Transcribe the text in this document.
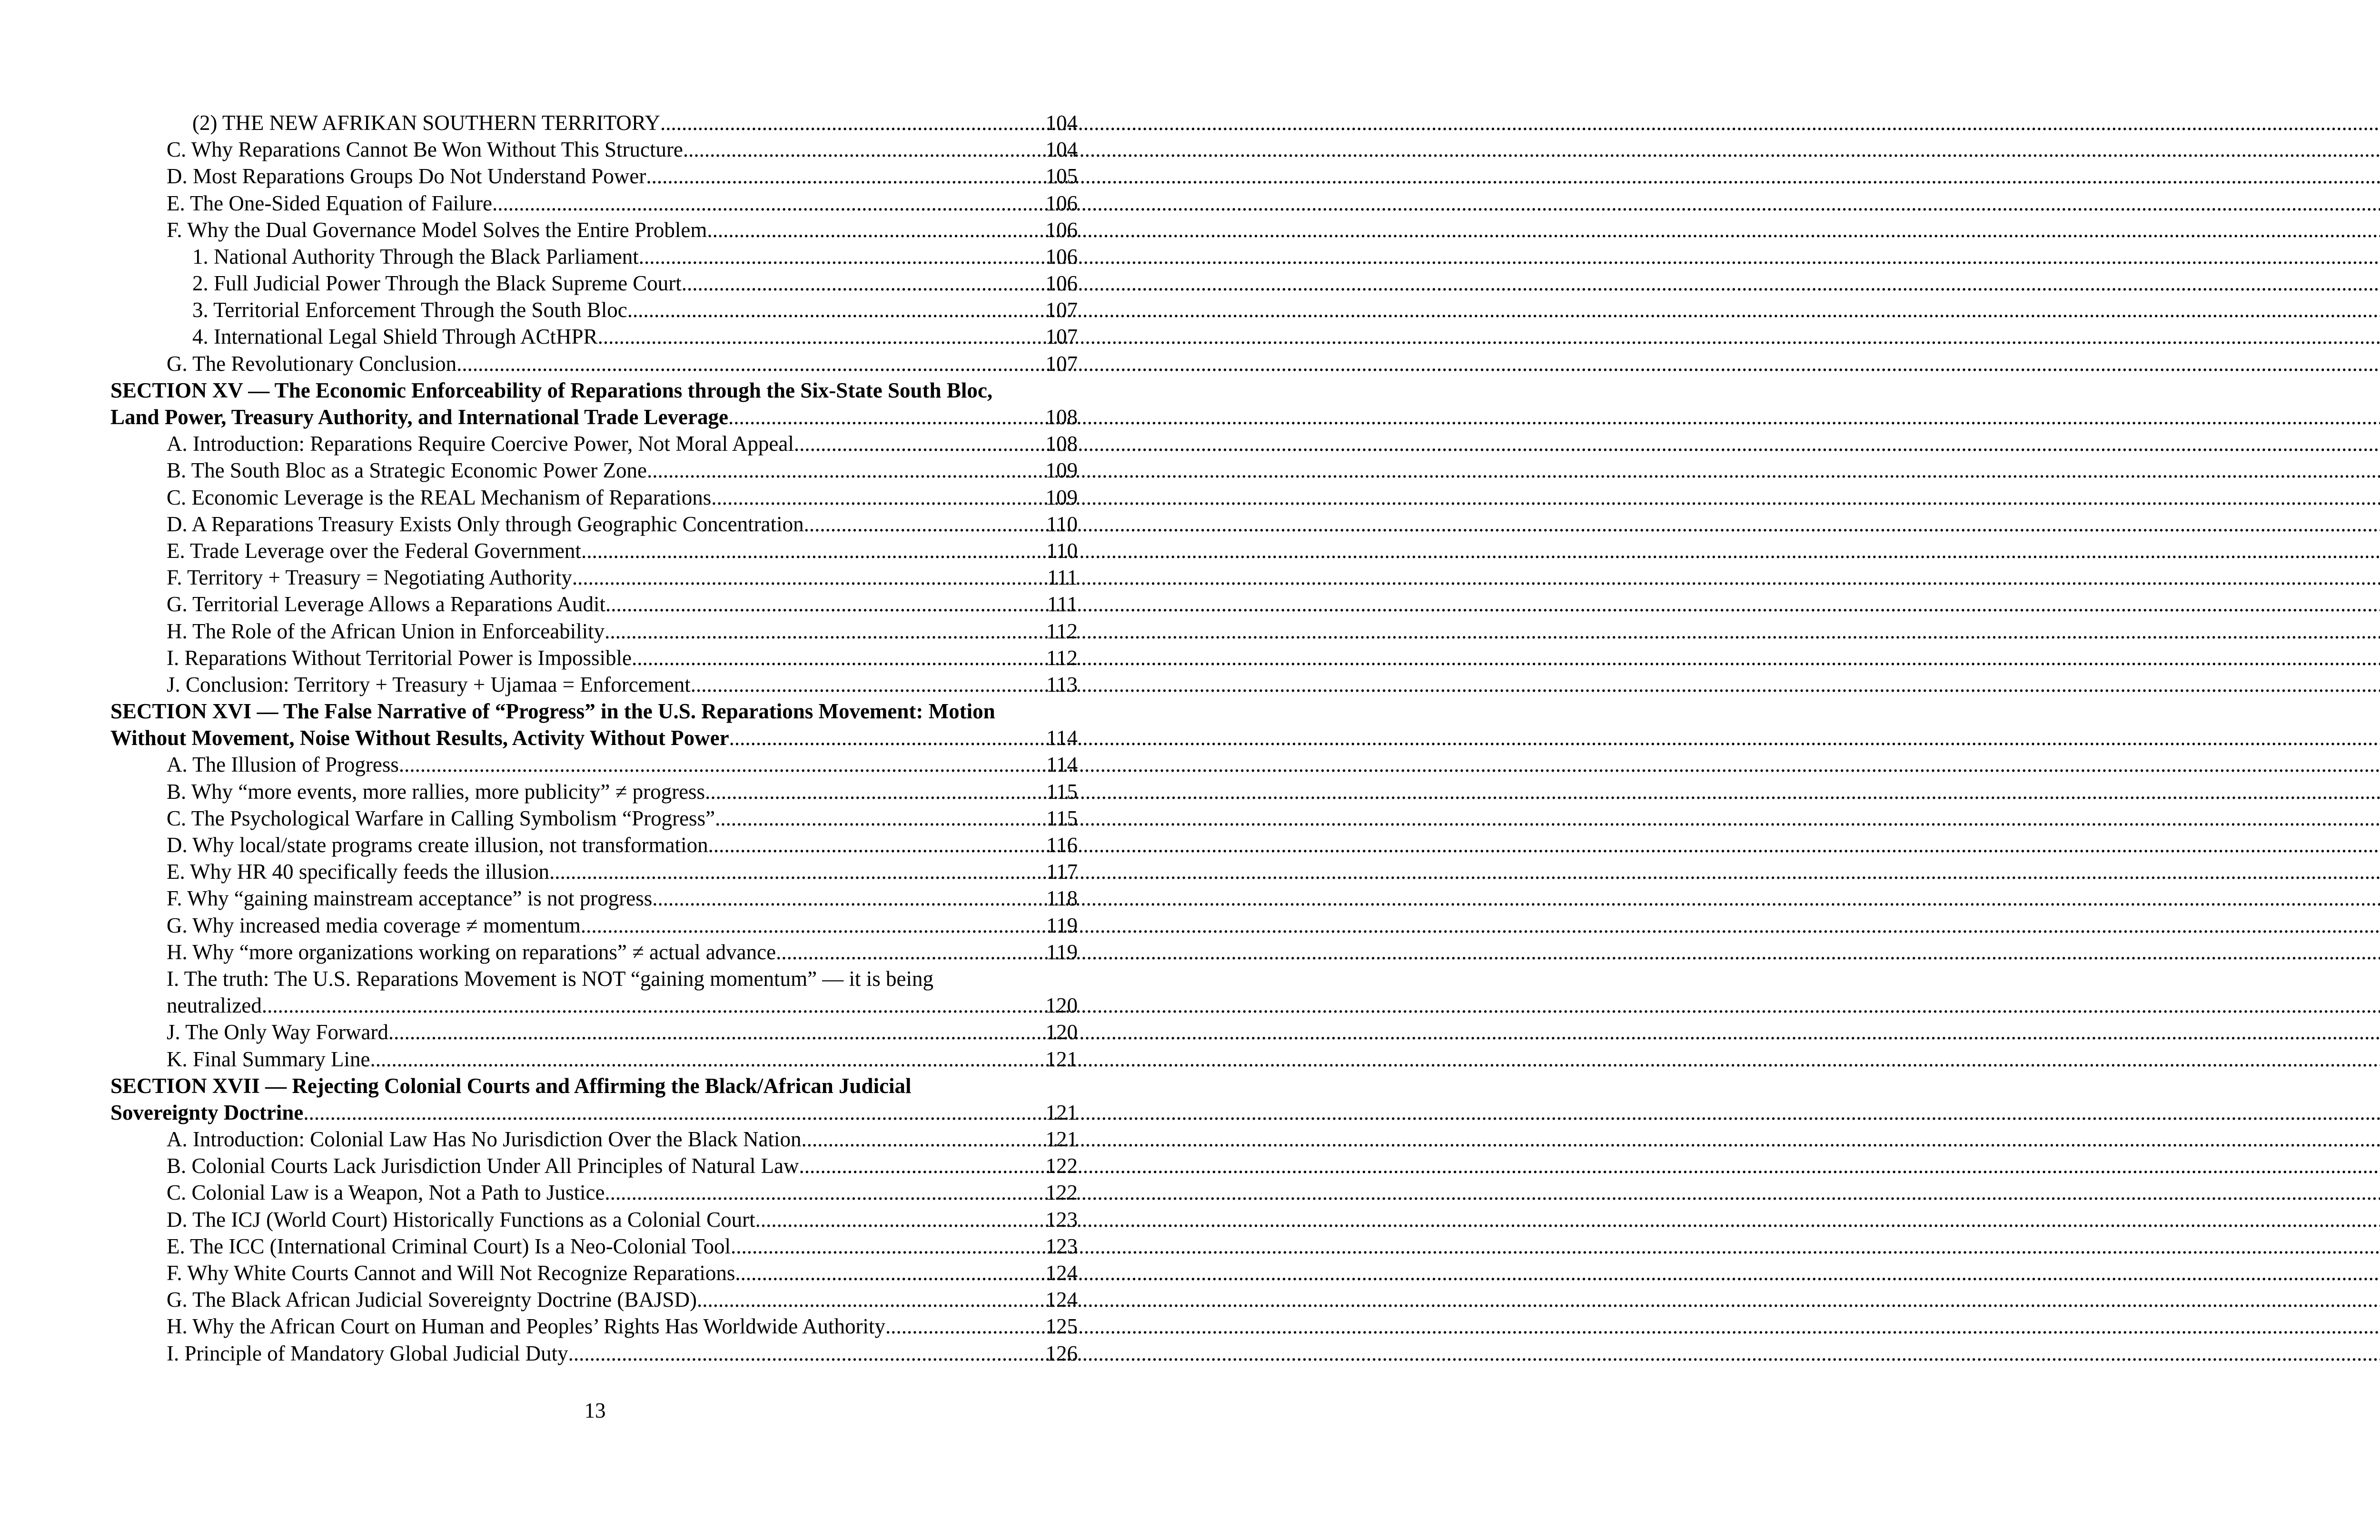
(2) THE NEW AFRIKAN SOUTHERN TERRITORY .....	104
C. Why Reparations Cannot Be Won Without This Structure .....	104
D. Most Reparations Groups Do Not Understand Power .....	105
E. The One-Sided Equation of Failure .....	106
F. Why the Dual Governance Model Solves the Entire Problem .....	106
1. National Authority Through the Black Parliament .....	106
2. Full Judicial Power Through the Black Supreme Court .....	106
3. Territorial Enforcement Through the South Bloc .....	107
4. International Legal Shield Through ACtHPR .....	107
G. The Revolutionary Conclusion .....	107
SECTION XV — The Economic Enforceability of Reparations through the Six-State South Bloc,
Land Power, Treasury Authority, and International Trade Leverage .....	108
A. Introduction: Reparations Require Coercive Power, Not Moral Appeal .....	108
B. The South Bloc as a Strategic Economic Power Zone .....	109
C. Economic Leverage is the REAL Mechanism of Reparations .....	109
D. A Reparations Treasury Exists Only through Geographic Concentration .....	110
E. Trade Leverage over the Federal Government .....	110
F. Territory + Treasury = Negotiating Authority .....	111
G. Territorial Leverage Allows a Reparations Audit .....	111
H. The Role of the African Union in Enforceability .....	112
I. Reparations Without Territorial Power is Impossible .....	112
J. Conclusion: Territory + Treasury + Ujamaa = Enforcement .....	113
SECTION XVI — The False Narrative of “Progress” in the U.S. Reparations Movement: Motion
Without Movement, Noise Without Results, Activity Without Power .....	114
A. The Illusion of Progress .....	114
B. Why “more events, more rallies, more publicity” ≠ progress .....	115
C. The Psychological Warfare in Calling Symbolism “Progress” .....	115
D. Why local/state programs create illusion, not transformation .....	116
E. Why HR 40 specifically feeds the illusion .....	117
F. Why “gaining mainstream acceptance” is not progress .....	118
G. Why increased media coverage ≠ momentum .....	119
H. Why “more organizations working on reparations” ≠ actual advance .....	119
I. The truth: The U.S. Reparations Movement is NOT “gaining momentum” — it is being
neutralized .....	120
J. The Only Way Forward .....	120
K. Final Summary Line .....	121
SECTION XVII — Rejecting Colonial Courts and Affirming the Black/African Judicial
Sovereignty Doctrine .....	121
A. Introduction: Colonial Law Has No Jurisdiction Over the Black Nation .....	121
B. Colonial Courts Lack Jurisdiction Under All Principles of Natural Law .....	122
C. Colonial Law is a Weapon, Not a Path to Justice .....	122
D. The ICJ (World Court) Historically Functions as a Colonial Court .....	123
E. The ICC (International Criminal Court) Is a Neo-Colonial Tool .....	123
F. Why White Courts Cannot and Will Not Recognize Reparations .....	124
G. The Black African Judicial Sovereignty Doctrine (BAJSD) .....	124
H. Why the African Court on Human and Peoples’ Rights Has Worldwide Authority .....	125
I. Principle of Mandatory Global Judicial Duty .....	126
13
